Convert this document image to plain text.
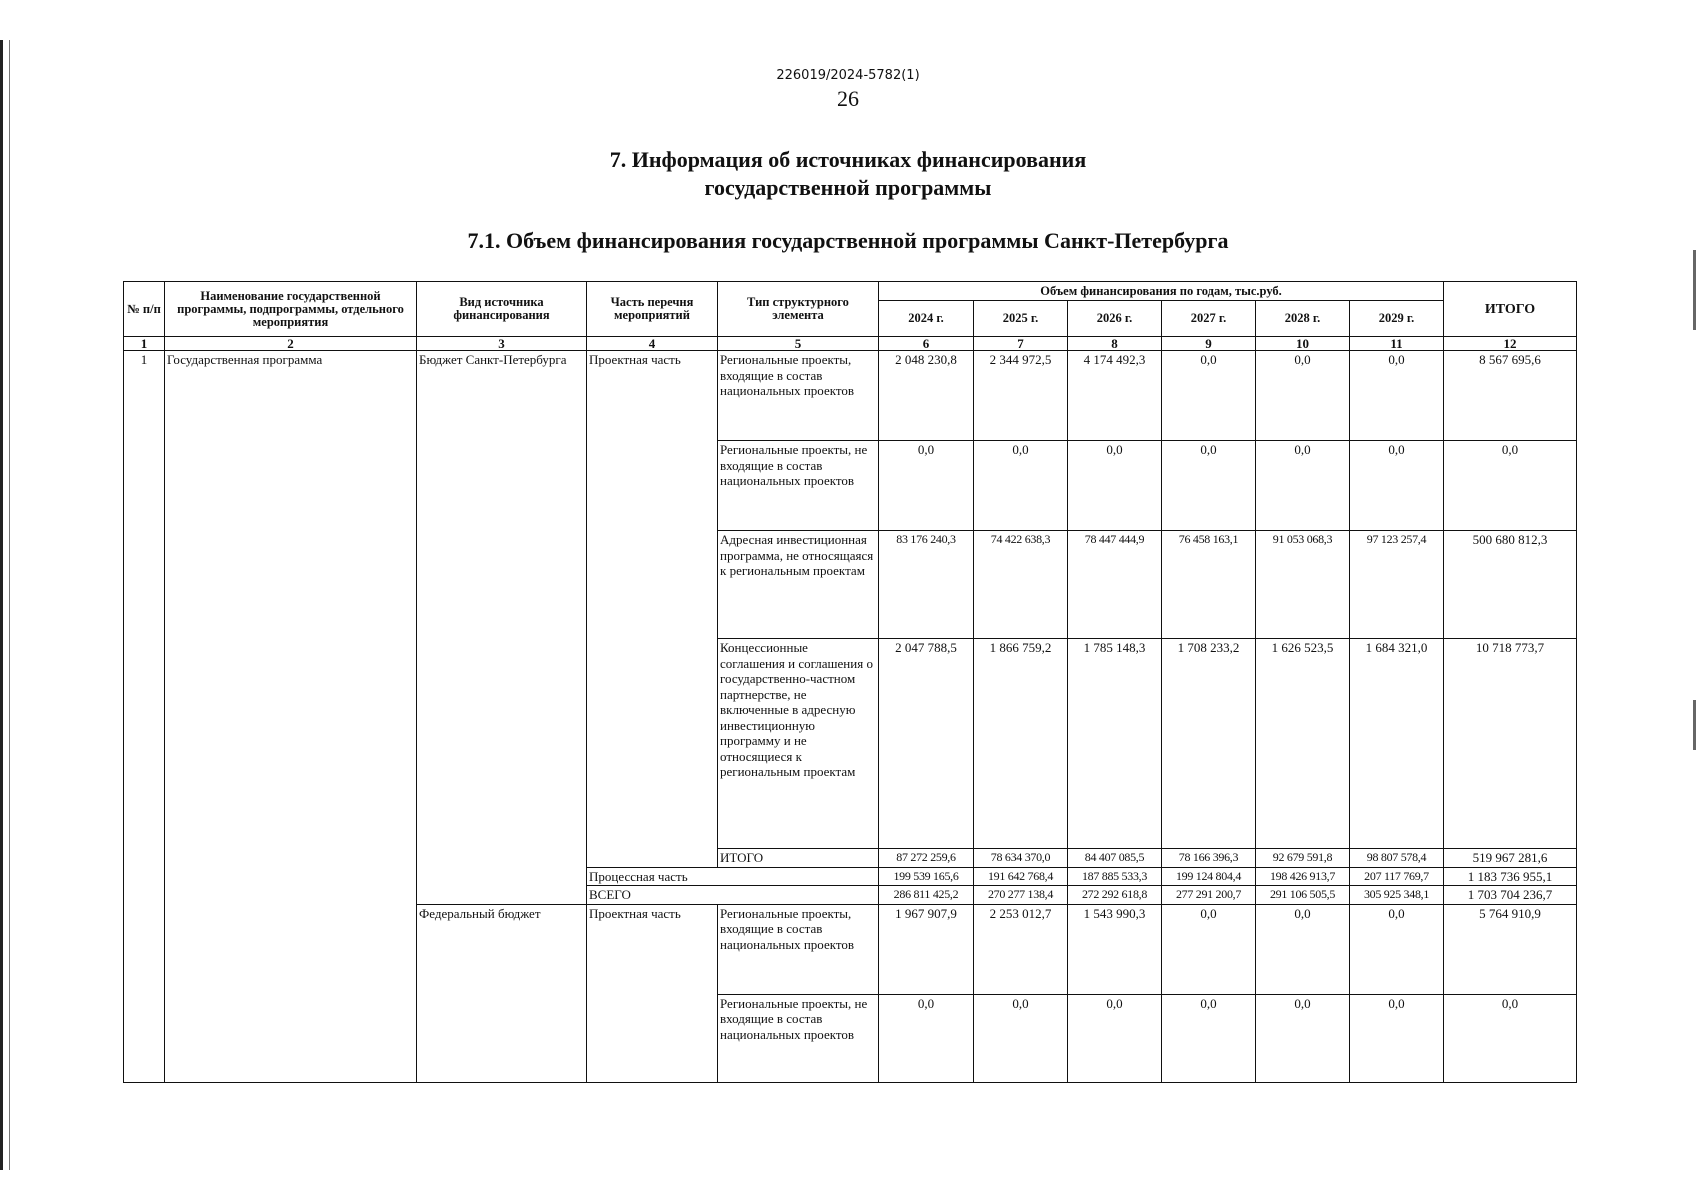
226019/2024-5782(1)
26
7. Информация об источниках финансирования
государственной программы
7.1. Объем финансирования государственной программы Санкт-Петербурга
№ п/п	Наименование государственной программы, подпрограммы, отдельного мероприятия	Вид источника финансирования	Часть перечня мероприятий	Тип структурного элемента	Объем финансирования по годам, тыс.руб.						ИТОГО
					2024 г.	2025 г.	2026 г.	2027 г.	2028 г.	2029 г.	
1	2	3	4	5	6	7	8	9	10	11	12
1	Государственная программа	Бюджет Санкт-Петербурга	Проектная часть	Региональные проекты, входящие в состав национальных проектов	2 048 230,8	2 344 972,5	4 174 492,3	0,0	0,0	0,0	8 567 695,6
				Региональные проекты, не входящие в состав национальных проектов	0,0	0,0	0,0	0,0	0,0	0,0	0,0
				Адресная инвестиционная программа, не относящаяся к региональным проектам	83 176 240,3	74 422 638,3	78 447 444,9	76 458 163,1	91 053 068,3	97 123 257,4	500 680 812,3
				Концессионные соглашения и соглашения о государственно-частном партнерстве, не включенные в адресную инвестиционную программу и не относящиеся к региональным проектам	2 047 788,5	1 866 759,2	1 785 148,3	1 708 233,2	1 626 523,5	1 684 321,0	10 718 773,7
				ИТОГО	87 272 259,6	78 634 370,0	84 407 085,5	78 166 396,3	92 679 591,8	98 807 578,4	519 967 281,6
			Процессная часть		199 539 165,6	191 642 768,4	187 885 533,3	199 124 804,4	198 426 913,7	207 117 769,7	1 183 736 955,1
			ВСЕГО		286 811 425,2	270 277 138,4	272 292 618,8	277 291 200,7	291 106 505,5	305 925 348,1	1 703 704 236,7
		Федеральный бюджет	Проектная часть	Региональные проекты, входящие в состав национальных проектов	1 967 907,9	2 253 012,7	1 543 990,3	0,0	0,0	0,0	5 764 910,9
				Региональные проекты, не входящие в состав национальных проектов	0,0	0,0	0,0	0,0	0,0	0,0	0,0
